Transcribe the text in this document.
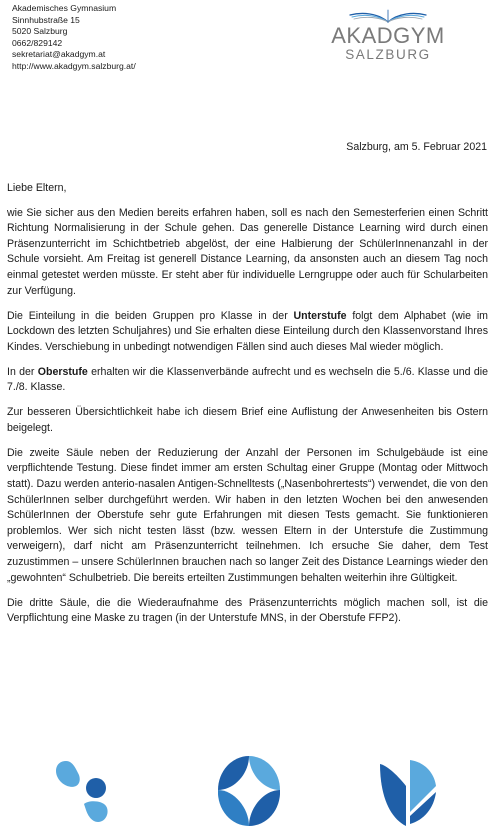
Akademisches Gymnasium
Sinnhubstraße 15
5020 Salzburg
0662/829142
sekretariat@akadgym.at
http://www.akadgym.salzburg.at/
AKADGYM
SALZBURG
Salzburg, am 5. Februar 2021

Liebe Eltern,

wie Sie sicher aus den Medien bereits erfahren haben, soll es nach den Semesterferien einen Schritt Richtung Normalisierung in der Schule gehen. Das generelle Distance Learning wird durch einen Präsenzunterricht im Schichtbetrieb abgelöst, der eine Halbierung der SchülerInnenanzahl in der Schule vorsieht. Am Freitag ist generell Distance Learning, da ansonsten auch an diesem Tag noch einmal getestet werden müsste. Er steht aber für individuelle Lerngruppe oder auch für Schularbeiten zur Verfügung.

Die Einteilung in die beiden Gruppen pro Klasse in der Unterstufe folgt dem Alphabet (wie im Lockdown des letzten Schuljahres) und Sie erhalten diese Einteilung durch den Klassenvorstand Ihres Kindes. Verschiebung in unbedingt notwendigen Fällen sind auch dieses Mal wieder möglich.

In der Oberstufe erhalten wir die Klassenverbände aufrecht und es wechseln die 5./6. Klasse und die 7./8. Klasse.

Zur besseren Übersichtlichkeit habe ich diesem Brief eine Auflistung der Anwesenheiten bis Ostern beigelegt.

Die zweite Säule neben der Reduzierung der Anzahl der Personen im Schulgebäude ist eine verpflichtende Testung. Diese findet immer am ersten Schultag einer Gruppe (Montag oder Mittwoch statt). Dazu werden anterio-nasalen Antigen-Schnelltests („Nasenbohrertests“) verwendet, die von den SchülerInnen selber durchgeführt werden. Wir haben in den letzten Wochen bei den anwesenden SchülerInnen der Oberstufe sehr gute Erfahrungen mit diesen Tests gemacht. Sie funktionieren problemlos. Wer sich nicht testen lässt (bzw. wessen Eltern in der Unterstufe die Zustimmung verweigern), darf nicht am Präsenzunterricht teilnehmen. Ich ersuche Sie daher, dem Test zuzustimmen – unsere SchülerInnen brauchen nach so langer Zeit des Distance Learnings wieder den „gewohnten“ Schulbetrieb. Die bereits erteilten Zustimmungen behalten weiterhin ihre Gültigkeit.

Die dritte Säule, die die Wiederaufnahme des Präsenzunterrichts möglich machen soll, ist die Verpflichtung eine Maske zu tragen (in der Unterstufe MNS, in der Oberstufe FFP2).
